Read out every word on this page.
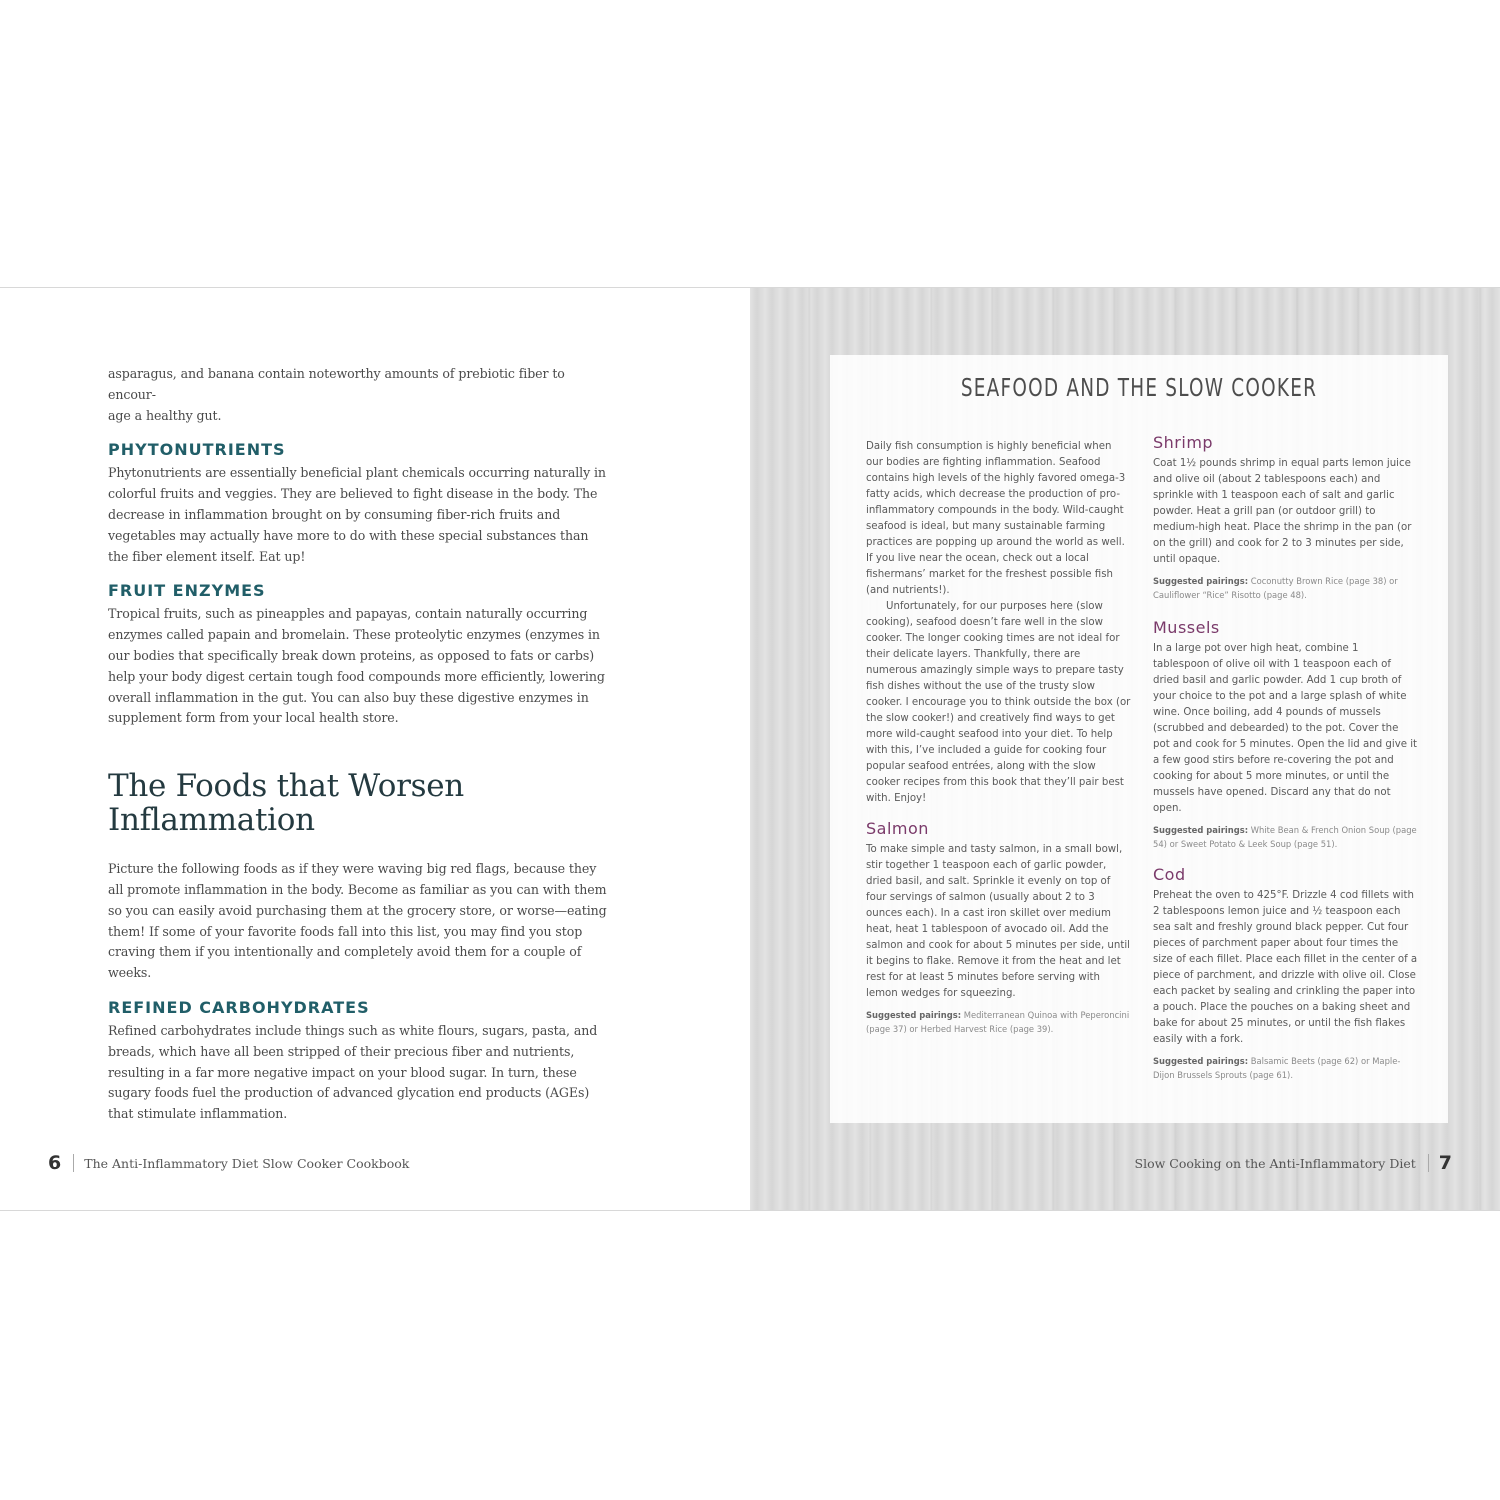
asparagus, and banana contain noteworthy amounts of prebiotic fiber to encour-
age a healthy gut.

PHYTONUTRIENTS

Phytonutrients are essentially beneficial plant chemicals occurring naturally in colorful fruits and veggies. They are believed to fight disease in the body. The decrease in inflammation brought on by consuming fiber-rich fruits and vegetables may actually have more to do with these special substances than the fiber element itself. Eat up!

FRUIT ENZYMES

Tropical fruits, such as pineapples and papayas, contain naturally occurring enzymes called papain and bromelain. These proteolytic enzymes (enzymes in our bodies that specifically break down proteins, as opposed to fats or carbs) help your body digest certain tough food compounds more efficiently, lowering overall inflammation in the gut. You can also buy these digestive enzymes in supplement form from your local health store.

The Foods that Worsen
Inflammation

Picture the following foods as if they were waving big red flags, because they all promote inflammation in the body. Become as familiar as you can with them so you can easily avoid purchasing them at the grocery store, or worse—eating them! If some of your favorite foods fall into this list, you may find you stop craving them if you intentionally and completely avoid them for a couple of weeks.

REFINED CARBOHYDRATES

Refined carbohydrates include things such as white flours, sugars, pasta, and breads, which have all been stripped of their precious fiber and nutrients, resulting in a far more negative impact on your blood sugar. In turn, these sugary foods fuel the production of advanced glycation end products (AGEs) that stimulate inflammation.

6 The Anti-Inflammatory Diet Slow Cooker Cookbook
SEAFOOD AND THE SLOW COOKER

Daily fish consumption is highly beneficial when our bodies are fighting inflammation. Seafood contains high levels of the highly favored omega-3 fatty acids, which decrease the production of pro-inflammatory compounds in the body. Wild-caught seafood is ideal, but many sustainable farming practices are popping up around the world as well. If you live near the ocean, check out a local fishermans’ market for the freshest possible fish (and nutrients!).

Unfortunately, for our purposes here (slow cooking), seafood doesn’t fare well in the slow cooker. The longer cooking times are not ideal for their delicate layers. Thankfully, there are numerous amazingly simple ways to prepare tasty fish dishes without the use of the trusty slow cooker. I encourage you to think outside the box (or the slow cooker!) and creatively find ways to get more wild-caught seafood into your diet. To help with this, I’ve included a guide for cooking four popular seafood entrées, along with the slow cooker recipes from this book that they’ll pair best with. Enjoy!

Salmon

To make simple and tasty salmon, in a small bowl, stir together 1 teaspoon each of garlic powder, dried basil, and salt. Sprinkle it evenly on top of four servings of salmon (usually about 2 to 3 ounces each). In a cast iron skillet over medium heat, heat 1 tablespoon of avocado oil. Add the salmon and cook for about 5 minutes per side, until it begins to flake. Remove it from the heat and let rest for at least 5 minutes before serving with lemon wedges for squeezing.

Suggested pairings: Mediterranean Quinoa with Peperoncini (page 37) or Herbed Harvest Rice (page 39).

Shrimp

Coat 1½ pounds shrimp in equal parts lemon juice and olive oil (about 2 tablespoons each) and sprinkle with 1 teaspoon each of salt and garlic powder. Heat a grill pan (or outdoor grill) to medium-high heat. Place the shrimp in the pan (or on the grill) and cook for 2 to 3 minutes per side, until opaque.

Suggested pairings: Coconutty Brown Rice (page 38) or Cauliflower “Rice” Risotto (page 48).

Mussels

In a large pot over high heat, combine 1 tablespoon of olive oil with 1 teaspoon each of dried basil and garlic powder. Add 1 cup broth of your choice to the pot and a large splash of white wine. Once boiling, add 4 pounds of mussels (scrubbed and debearded) to the pot. Cover the pot and cook for 5 minutes. Open the lid and give it a few good stirs before re-covering the pot and cooking for about 5 more minutes, or until the mussels have opened. Discard any that do not open.

Suggested pairings: White Bean & French Onion Soup (page 54) or Sweet Potato & Leek Soup (page 51).

Cod

Preheat the oven to 425°F. Drizzle 4 cod fillets with 2 tablespoons lemon juice and ½ teaspoon each sea salt and freshly ground black pepper. Cut four pieces of parchment paper about four times the size of each fillet. Place each fillet in the center of a piece of parchment, and drizzle with olive oil. Close each packet by sealing and crinkling the paper into a pouch. Place the pouches on a baking sheet and bake for about 25 minutes, or until the fish flakes easily with a fork.

Suggested pairings: Balsamic Beets (page 62) or Maple-Dijon Brussels Sprouts (page 61).

Slow Cooking on the Anti-Inflammatory Diet 7
